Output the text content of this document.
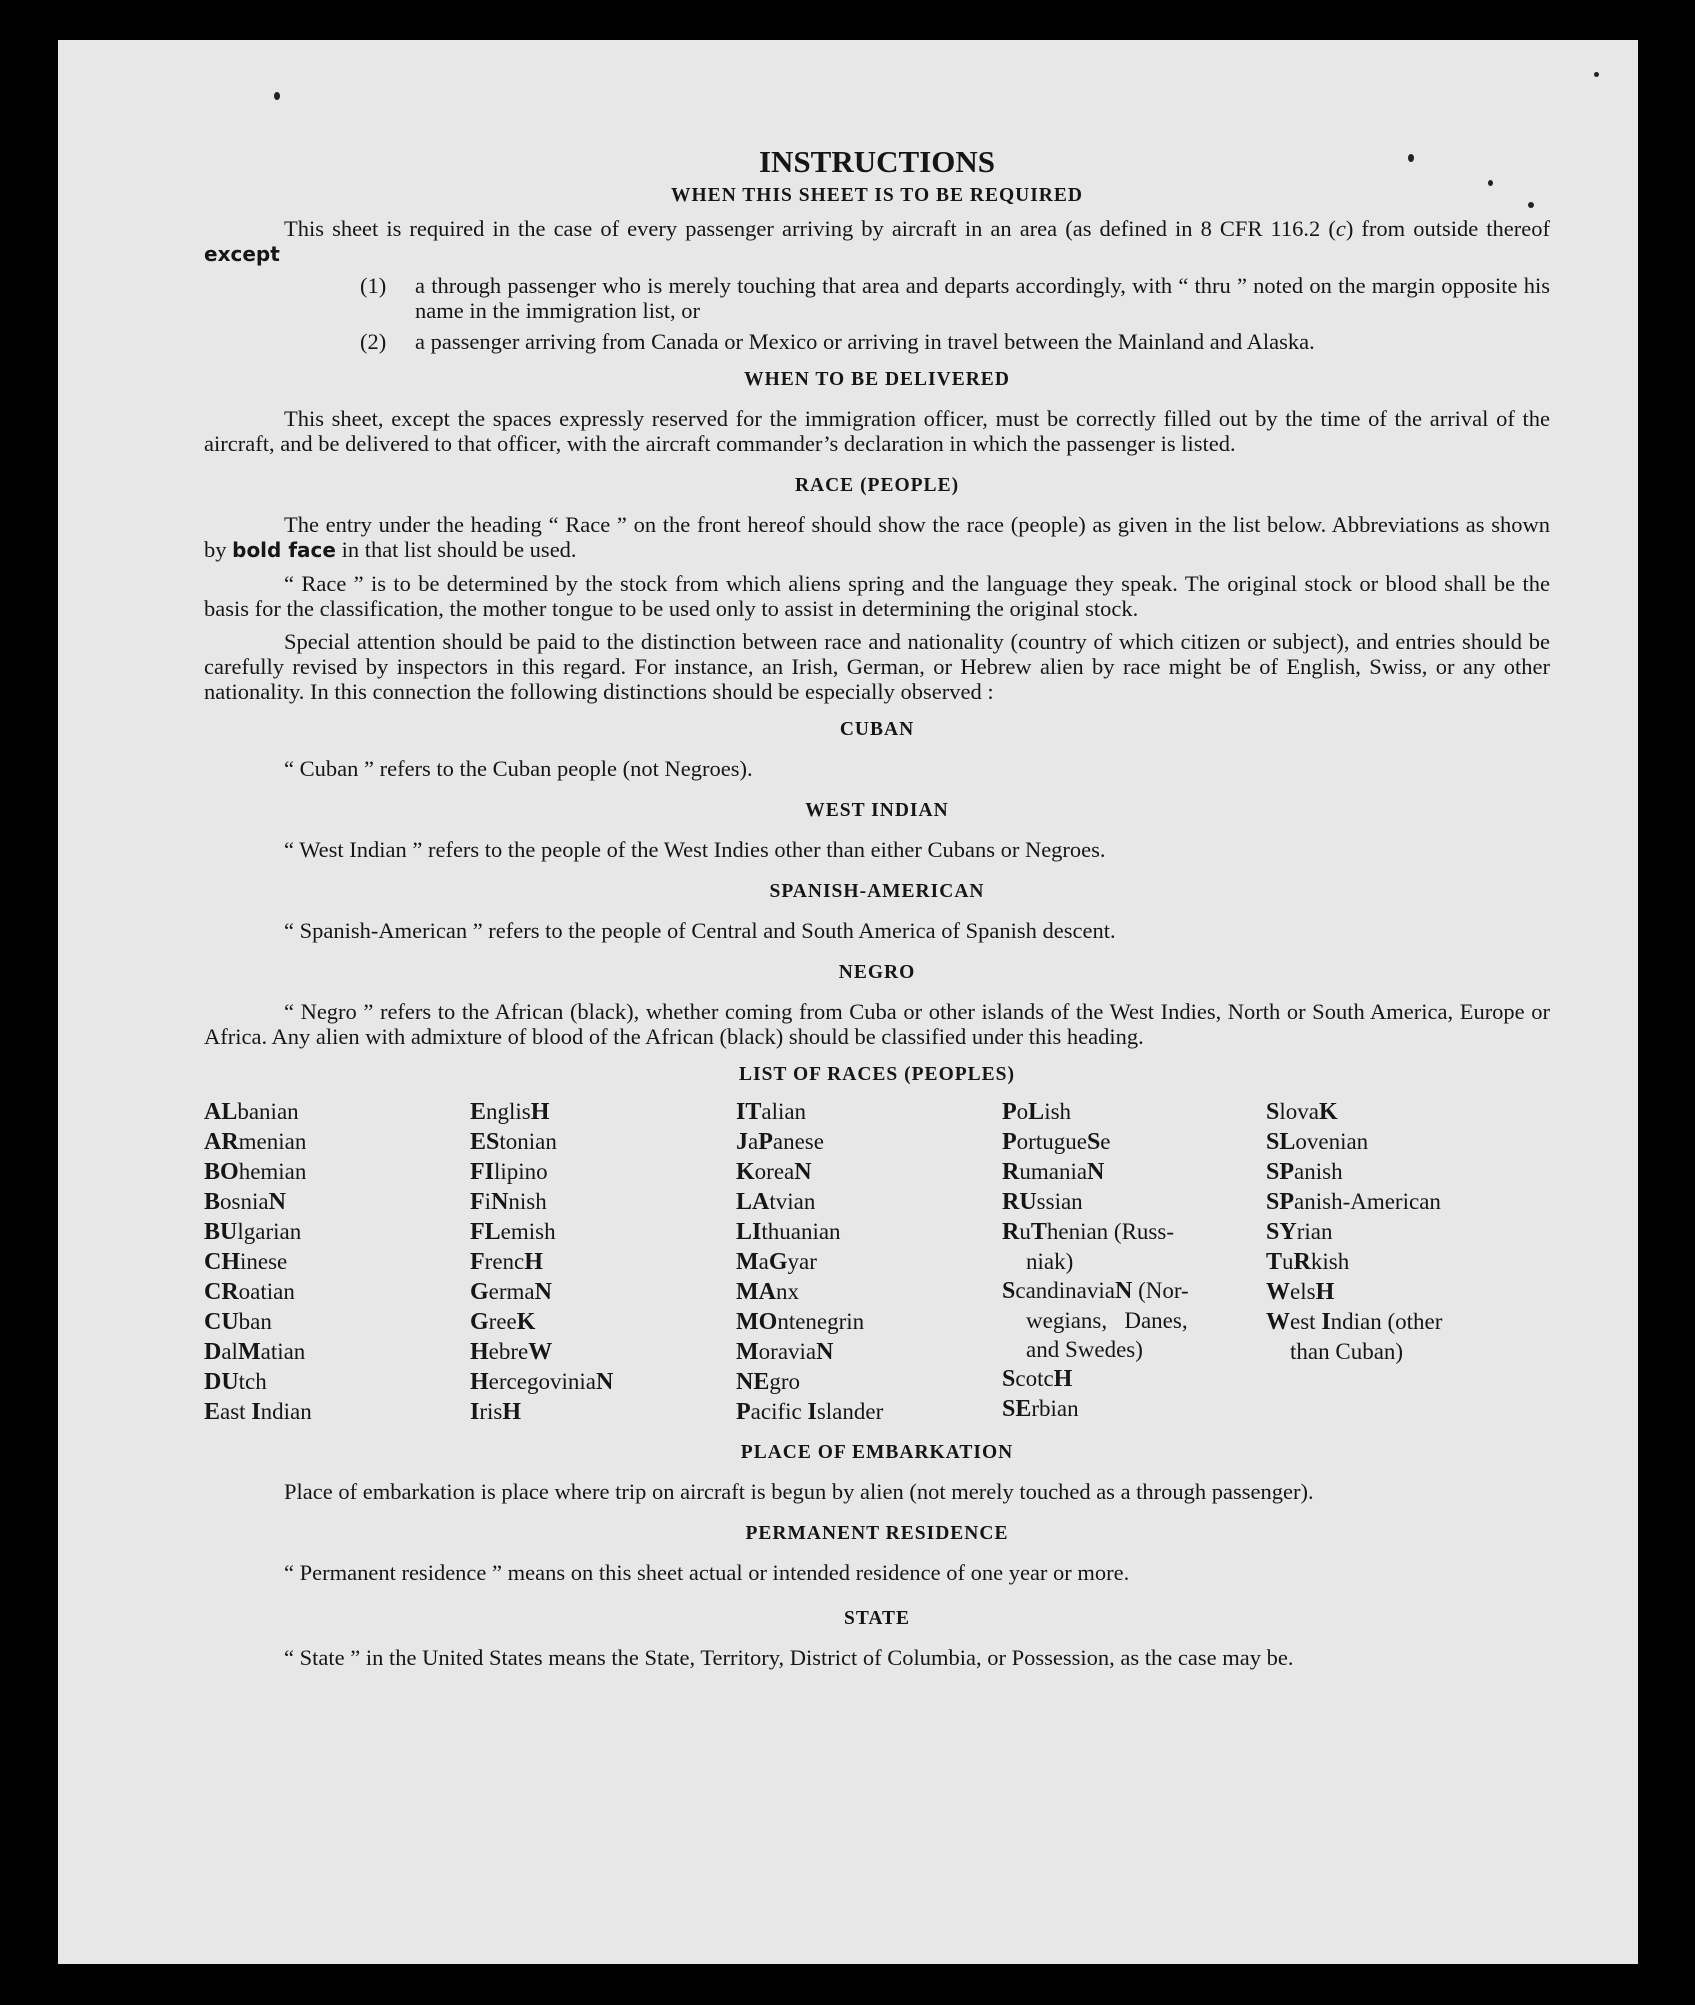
INSTRUCTIONS
WHEN THIS SHEET IS TO BE REQUIRED

This sheet is required in the case of every passenger arriving by aircraft in an area (as defined in 8 CFR 116.2 (c) from outside thereof except

(1)	a through passenger who is merely touching that area and departs accordingly, with “ thru ” noted on the margin opposite his name in the immigration list, or
(2)	a passenger arriving from Canada or Mexico or arriving in travel between the Mainland and Alaska.
WHEN TO BE DELIVERED

This sheet, except the spaces expressly reserved for the immigration officer, must be correctly filled out by the time of the arrival of the aircraft, and be delivered to that officer, with the aircraft commander’s declaration in which the passenger is listed.

RACE (PEOPLE)

The entry under the heading “ Race ” on the front hereof should show the race (people) as given in the list below. Abbreviations as shown by bold face in that list should be used.

“ Race ” is to be determined by the stock from which aliens spring and the language they speak. The original stock or blood shall be the basis for the classification, the mother tongue to be used only to assist in determining the original stock.

Special attention should be paid to the distinction between race and nationality (country of which citizen or subject), and entries should be carefully revised by inspectors in this regard. For instance, an Irish, German, or Hebrew alien by race might be of English, Swiss, or any other nationality. In this connection the following distinctions should be especially observed :

CUBAN

“ Cuban ” refers to the Cuban people (not Negroes).

WEST INDIAN

“ West Indian ” refers to the people of the West Indies other than either Cubans or Negroes.

SPANISH-AMERICAN

“ Spanish-American ” refers to the people of Central and South America of Spanish descent.

NEGRO

“ Negro ” refers to the African (black), whether coming from Cuba or other islands of the West Indies, North or South America, Europe or Africa. Any alien with admixture of blood of the African (black) should be classified under this heading.

LIST OF RACES (PEOPLES)
ALbanian
ARmenian
BOhemian
BosniaN
BUlgarian
CHinese
CRoatian
CUban
DalMatian
DUtch
East Indian
EnglisH
EStonian
FIlipino
FiNnish
FLemish
FrencH
GermaN
GreeK
HebreW
HercegoviniaN
IrisH
ITalian
JaPanese
KoreaN
LAtvian
LIthuanian
MaGyar
MAnx
MOntenegrin
MoraviaN
NEgro
Pacific Islander
PoLish
PortugueSe
RumaniaN
RUssian
RuThenian (Russ-
niak)
ScandinaviaN (Nor-
wegians,   Danes,
and Swedes)
ScotcH
SErbian
SlovaK
SLovenian
SPanish
SPanish-American
SYrian
TuRkish
WelsH
West Indian (other
than Cuban)
PLACE OF EMBARKATION

Place of embarkation is place where trip on aircraft is begun by alien (not merely touched as a through passenger).

PERMANENT RESIDENCE

“ Permanent residence ” means on this sheet actual or intended residence of one year or more.

STATE

“ State ” in the United States means the State, Territory, District of Columbia, or Possession, as the case may be.
